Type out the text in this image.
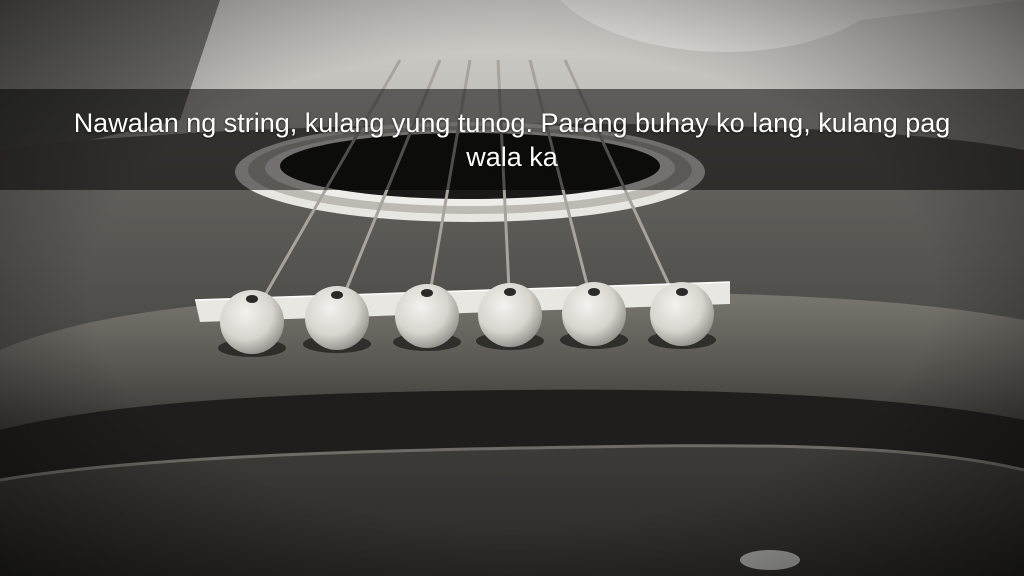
Nawalan ng string, kulang yung tunog. Parang buhay ko lang, kulang pag wala ka
